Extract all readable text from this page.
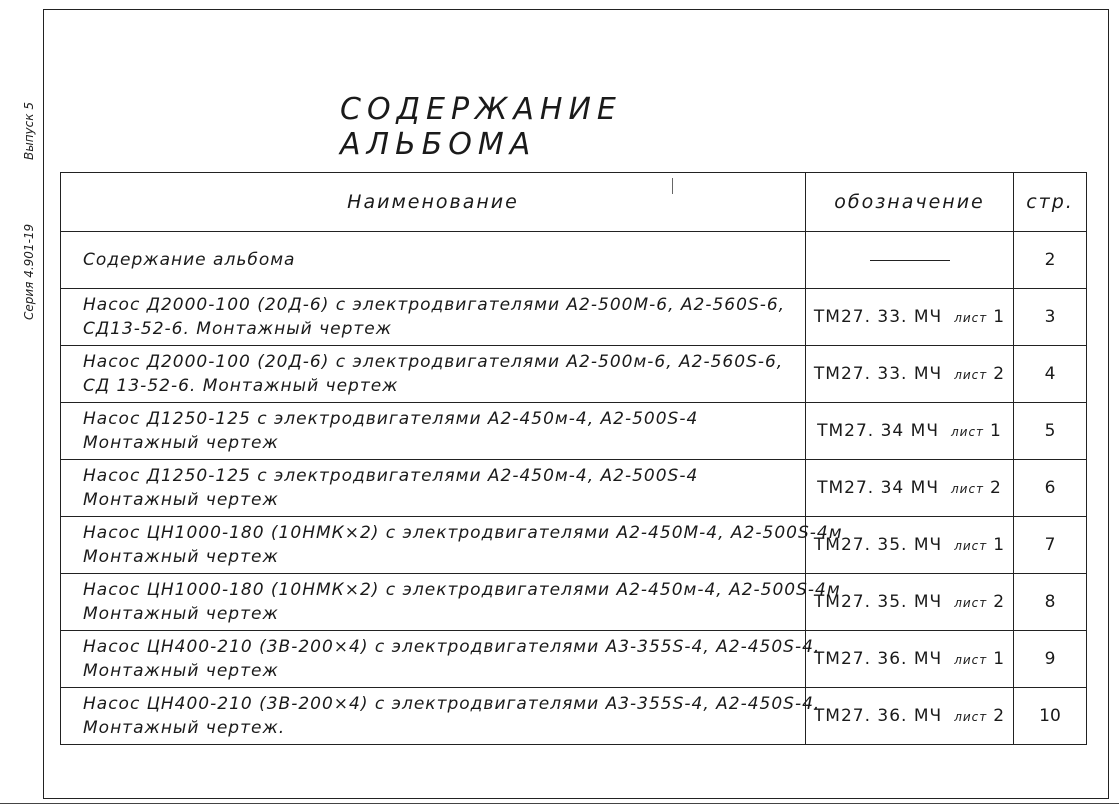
Серия 4.901-19
Выпуск 5	СОДЕРЖАНИЕАЛЬБОМА
Наименование	обозначение	стр.

Содержание альбома		2

Насос Д2000-100 (20Д-6) с электродвигателями А2-500М-6, А2-560S-6,
СД13-52-6. Монтажный чертеж	ТМ27. 33. МЧ лист 1	3

Насос Д2000-100 (20Д-6) с электродвигателями А2-500м-6, А2-560S-6,
СД 13-52-6. Монтажный чертеж	ТМ27. 33. МЧ лист 2	4

Насос Д1250-125 с электродвигателями А2-450м-4, А2-500S-4
Монтажный чертеж	ТМ27. 34 МЧ лист 1	5

Насос Д1250-125 с электродвигателями А2-450м-4, А2-500S-4
Монтажный чертеж	ТМ27. 34 МЧ лист 2	6

Насос ЦН1000-180 (10НМК×2) с электродвигателями А2-450М-4, А2-500S-4м
Монтажный чертеж	ТМ27. 35. МЧ лист 1	7

Насос ЦН1000-180 (10НМК×2) с электродвигателями А2-450м-4, А2-500S-4м
Монтажный чертеж	ТМ27. 35. МЧ лист 2	8

Насос ЦН400-210 (3В-200×4) с электродвигателями А3-355S-4, А2-450S-4.
Монтажный чертеж	ТМ27. 36. МЧ лист 1	9

Насос ЦН400-210 (3В-200×4) с электродвигателями А3-355S-4, А2-450S-4.
Монтажный чертеж.	ТМ27. 36. МЧ лист 2	10
